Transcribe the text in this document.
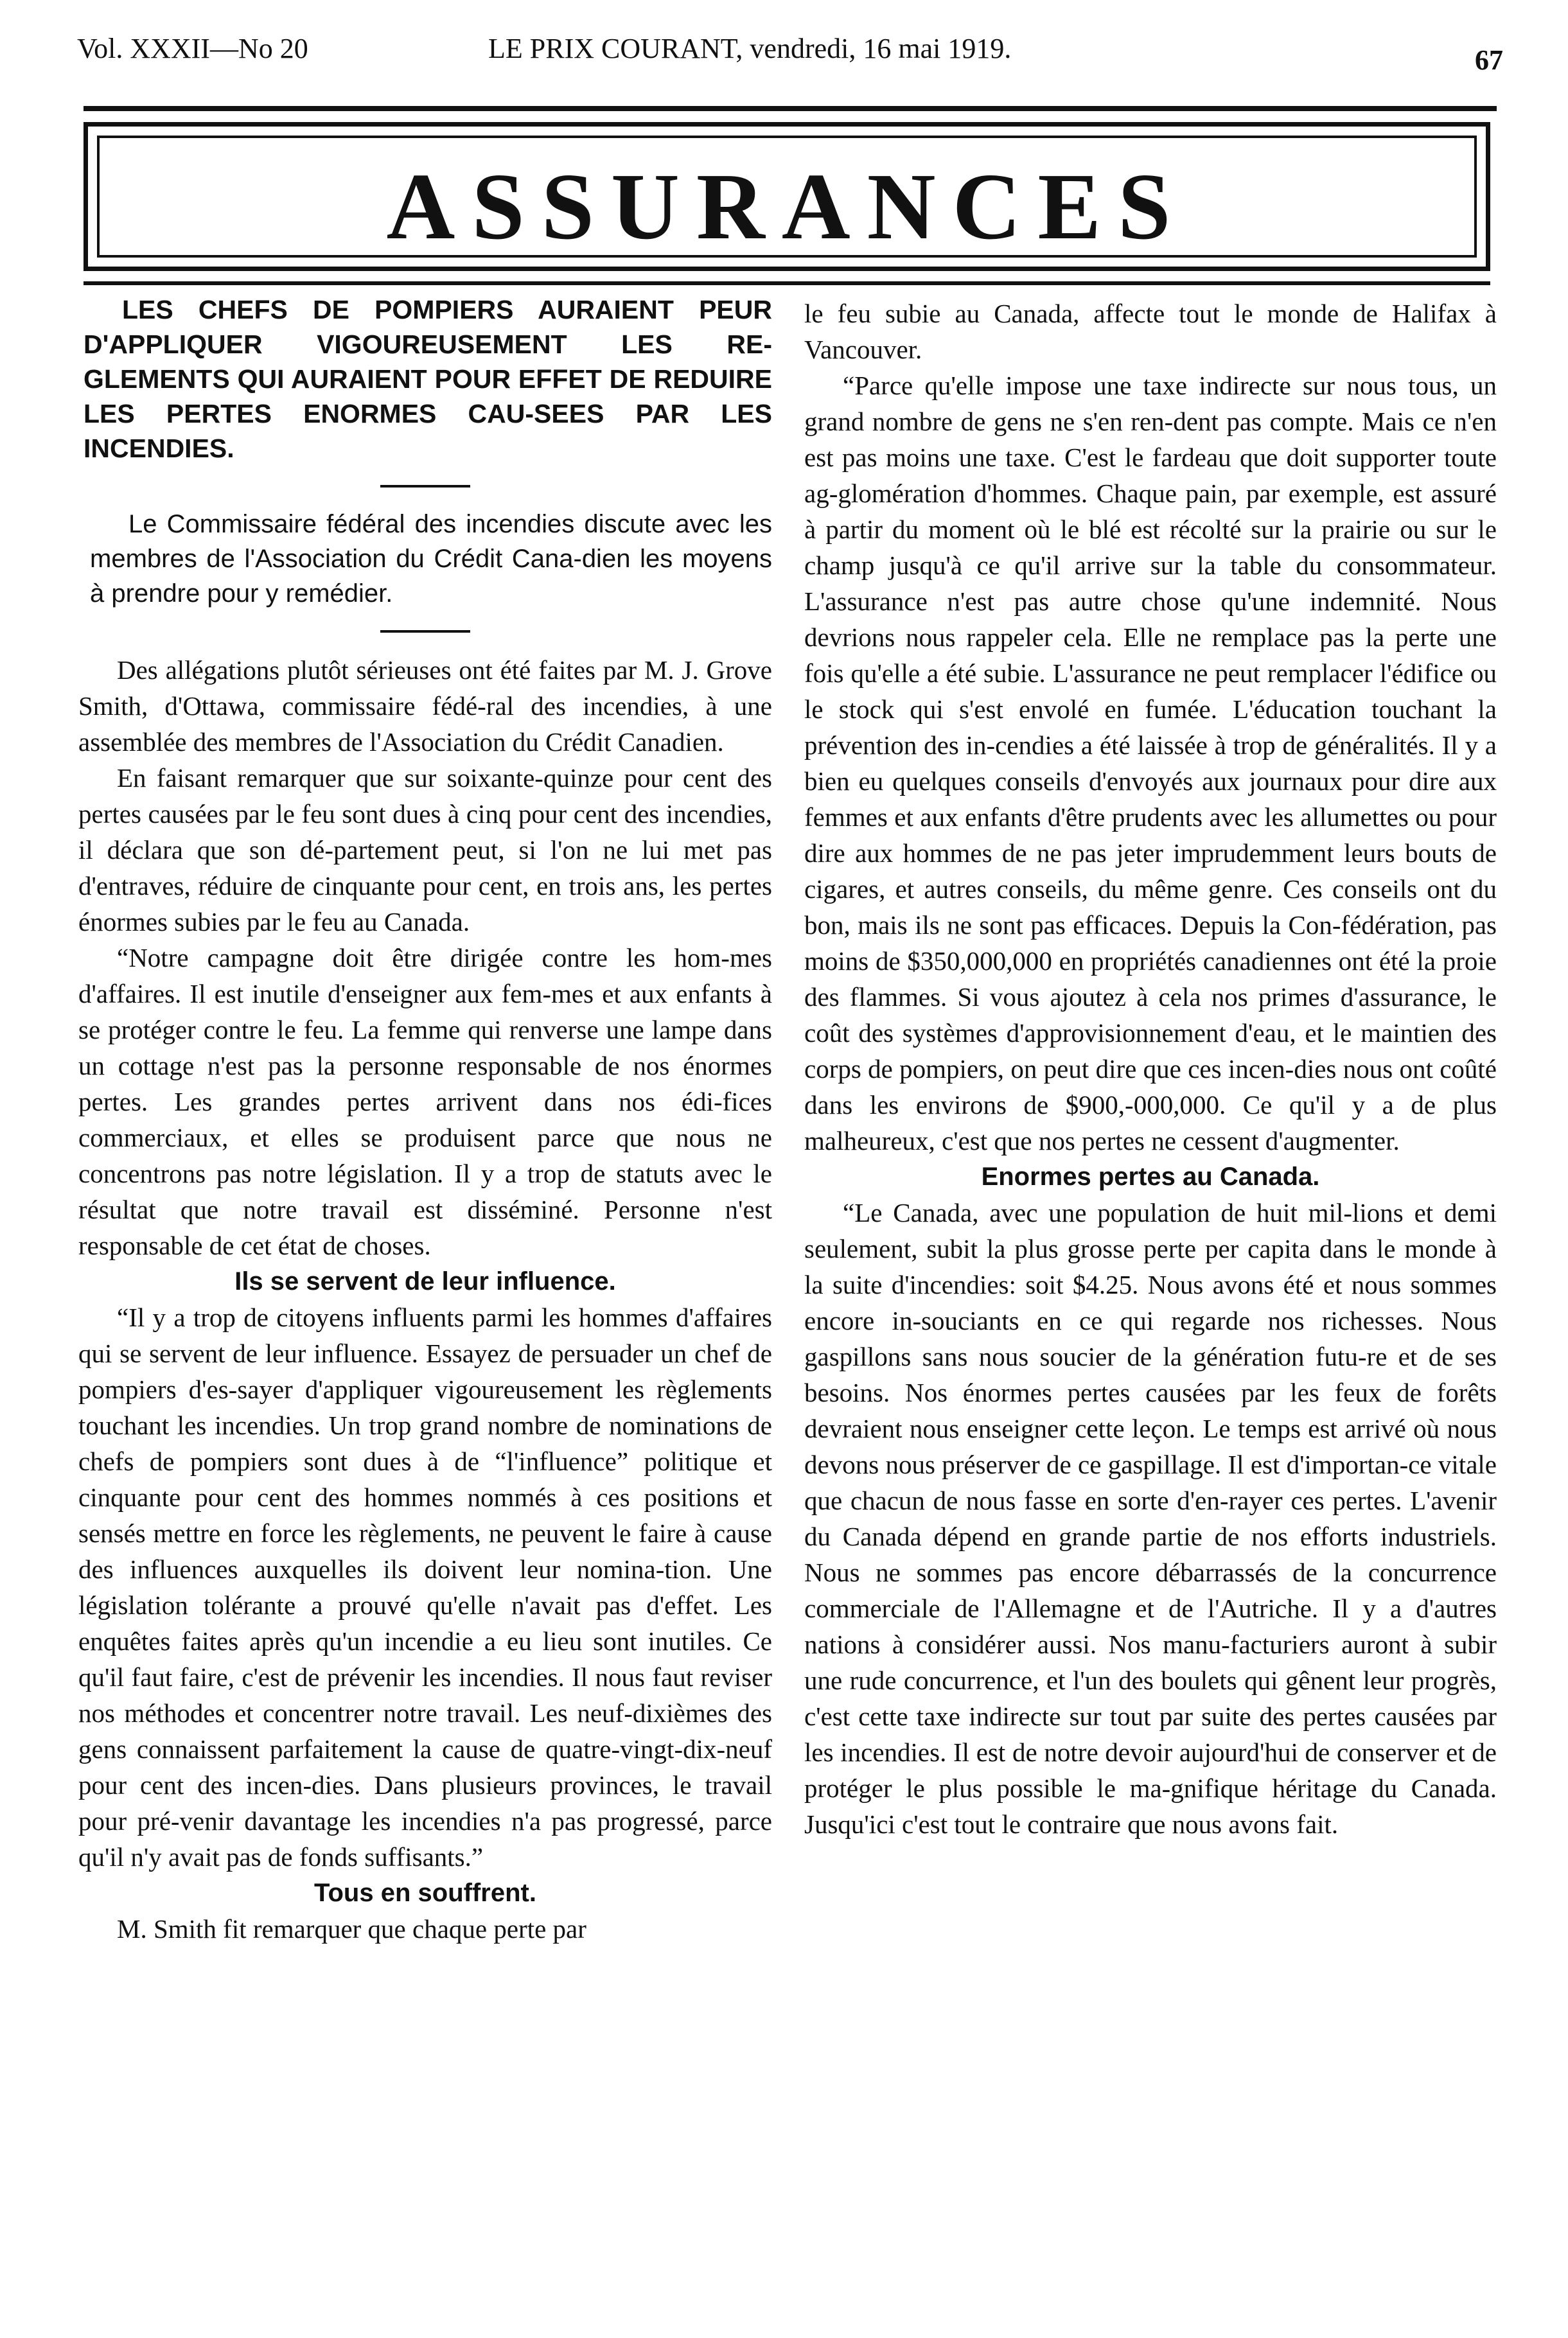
Vol. XXXII—No 20	LE PRIX COURANT, vendredi, 16 mai 1919.	67
ASSURANCES

LES CHEFS DE POMPIERS AURAIENT PEUR D'APPLIQUER VIGOUREUSEMENT LES RE-GLEMENTS QUI AURAIENT POUR EFFET DE REDUIRE LES PERTES ENORMES CAU-SEES PAR LES INCENDIES.

Le Commissaire fédéral des incendies discute avec les membres de l'Association du Crédit Cana-dien les moyens à prendre pour y remédier.

Des allégations plutôt sérieuses ont été faites par M. J. Grove Smith, d'Ottawa, commissaire fédé-ral des incendies, à une assemblée des membres de l'Association du Crédit Canadien.

En faisant remarquer que sur soixante-quinze pour cent des pertes causées par le feu sont dues à cinq pour cent des incendies, il déclara que son dé-partement peut, si l'on ne lui met pas d'entraves, réduire de cinquante pour cent, en trois ans, les pertes énormes subies par le feu au Canada.

“Notre campagne doit être dirigée contre les hom-mes d'affaires. Il est inutile d'enseigner aux fem-mes et aux enfants à se protéger contre le feu. La femme qui renverse une lampe dans un cottage n'est pas la personne responsable de nos énormes pertes. Les grandes pertes arrivent dans nos édi-fices commerciaux, et elles se produisent parce que nous ne concentrons pas notre législation. Il y a trop de statuts avec le résultat que notre travail est disséminé. Personne n'est responsable de cet état de choses.

Ils se servent de leur influence.

“Il y a trop de citoyens influents parmi les hommes d'affaires qui se servent de leur influence. Essayez de persuader un chef de pompiers d'es-sayer d'appliquer vigoureusement les règlements touchant les incendies. Un trop grand nombre de nominations de chefs de pompiers sont dues à de “l'influence” politique et cinquante pour cent des hommes nommés à ces positions et sensés mettre en force les règlements, ne peuvent le faire à cause des influences auxquelles ils doivent leur nomina-tion. Une législation tolérante a prouvé qu'elle n'avait pas d'effet. Les enquêtes faites après qu'un incendie a eu lieu sont inutiles. Ce qu'il faut faire, c'est de prévenir les incendies. Il nous faut reviser nos méthodes et concentrer notre travail. Les neuf-dixièmes des gens connaissent parfaitement la cause de quatre-vingt-dix-neuf pour cent des incen-dies. Dans plusieurs provinces, le travail pour pré-venir davantage les incendies n'a pas progressé, parce qu'il n'y avait pas de fonds suffisants.”

Tous en souffrent.

M. Smith fit remarquer que chaque perte par

le feu subie au Canada, affecte tout le monde de Halifax à Vancouver.

“Parce qu'elle impose une taxe indirecte sur nous tous, un grand nombre de gens ne s'en ren-dent pas compte. Mais ce n'en est pas moins une taxe. C'est le fardeau que doit supporter toute ag-glomération d'hommes. Chaque pain, par exemple, est assuré à partir du moment où le blé est récolté sur la prairie ou sur le champ jusqu'à ce qu'il arrive sur la table du consommateur. L'assurance n'est pas autre chose qu'une indemnité. Nous devrions nous rappeler cela. Elle ne remplace pas la perte une fois qu'elle a été subie. L'assurance ne peut remplacer l'édifice ou le stock qui s'est envolé en fumée. L'éducation touchant la prévention des in-cendies a été laissée à trop de généralités. Il y a bien eu quelques conseils d'envoyés aux journaux pour dire aux femmes et aux enfants d'être prudents avec les allumettes ou pour dire aux hommes de ne pas jeter imprudemment leurs bouts de cigares, et autres conseils, du même genre. Ces conseils ont du bon, mais ils ne sont pas efficaces. Depuis la Con-fédération, pas moins de $350,000,000 en propriétés canadiennes ont été la proie des flammes. Si vous ajoutez à cela nos primes d'assurance, le coût des systèmes d'approvisionnement d'eau, et le maintien des corps de pompiers, on peut dire que ces incen-dies nous ont coûté dans les environs de $900,-000,000. Ce qu'il y a de plus malheureux, c'est que nos pertes ne cessent d'augmenter.

Enormes pertes au Canada.

“Le Canada, avec une population de huit mil-lions et demi seulement, subit la plus grosse perte per capita dans le monde à la suite d'incendies: soit $4.25. Nous avons été et nous sommes encore in-souciants en ce qui regarde nos richesses. Nous gaspillons sans nous soucier de la génération futu-re et de ses besoins. Nos énormes pertes causées par les feux de forêts devraient nous enseigner cette leçon. Le temps est arrivé où nous devons nous préserver de ce gaspillage. Il est d'importan-ce vitale que chacun de nous fasse en sorte d'en-rayer ces pertes. L'avenir du Canada dépend en grande partie de nos efforts industriels. Nous ne sommes pas encore débarrassés de la concurrence commerciale de l'Allemagne et de l'Autriche. Il y a d'autres nations à considérer aussi. Nos manu-facturiers auront à subir une rude concurrence, et l'un des boulets qui gênent leur progrès, c'est cette taxe indirecte sur tout par suite des pertes causées par les incendies. Il est de notre devoir aujourd'hui de conserver et de protéger le plus possible le ma-gnifique héritage du Canada. Jusqu'ici c'est tout le contraire que nous avons fait.
